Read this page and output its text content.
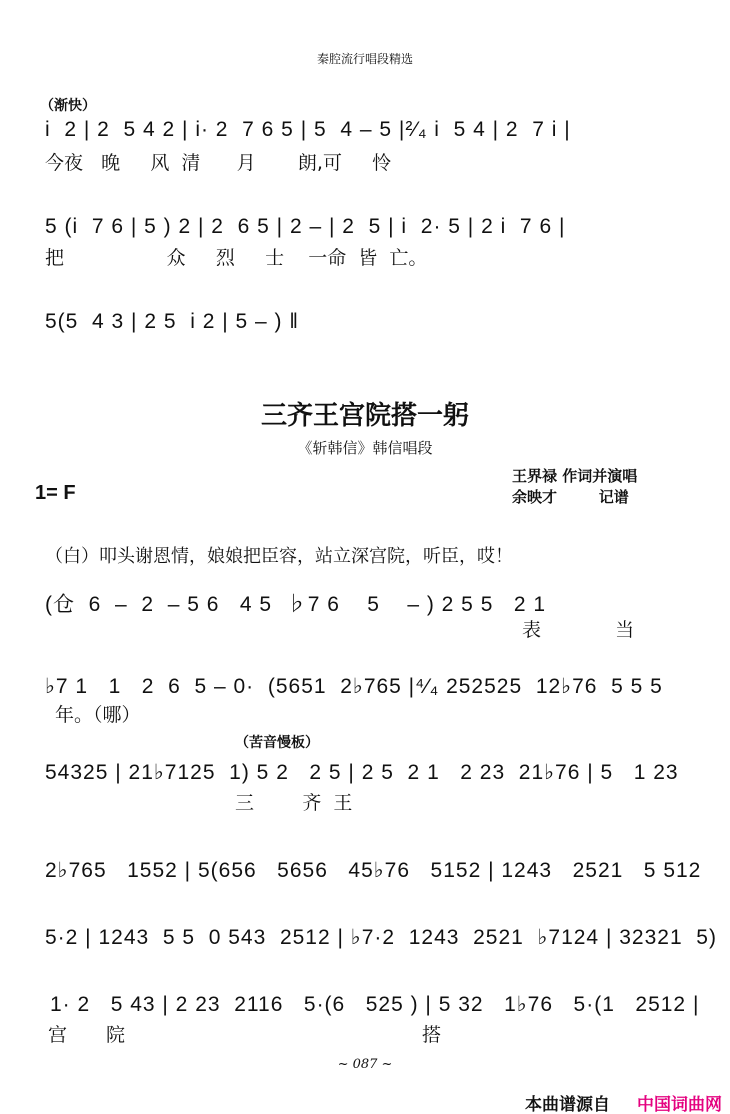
秦腔流行唱段精选
（渐快）
i  2 | 2  5 4 2 | i· 2  7 6 5 | 5  4 – 5 |²⁄₄ i  5 4 | 2  7 i |
今夜   晚     风  清      月       朗,可     怜
5 (i  7 6 | 5 ) 2 | 2  6 5 | 2 – | 2  5 | i  2· 5 | 2 i  7 6 |
把                 众     烈     士    一命  皆  亡。
5(5  4 3 | 2 5  i 2 | 5 – ) ‖
三齐王宫院搭一躬
《斩韩信》韩信唱段
王界禄 作词并演唱
余映才        记谱
1= F
（白）叩头谢恩情，娘娘把臣容，站立深宫院，听臣，哎！
(仓  6  –  2  – 5 6   4 5  ♭7 6    5    – ) 2 5 5   2 1
表   当
♭7 1   1   2  6  5 – 0·  (5651  2♭765 |⁴⁄₄ 252525  12♭76  5 5 5
年。（哪）
（苦音慢板）
54325 | 21♭7125  1) 5 2   2 5 | 2 5  2 1   2 23  21♭76 | 5   1 23
三        齐  王
2♭765   1552 | 5(656   5656   45♭76   5152 | 1243   2521   5 512
5·2 | 1243  5 5  0 543  2512 | ♭7·2  1243  2521  ♭7124 | 32321  5)
1· 2   5 43 | 2 23  2116   5·(6   525 ) | 5 32   1♭76   5·(1   2512 |
宫 院	搭
~ 087 ~
本曲谱源自 中国词曲网
